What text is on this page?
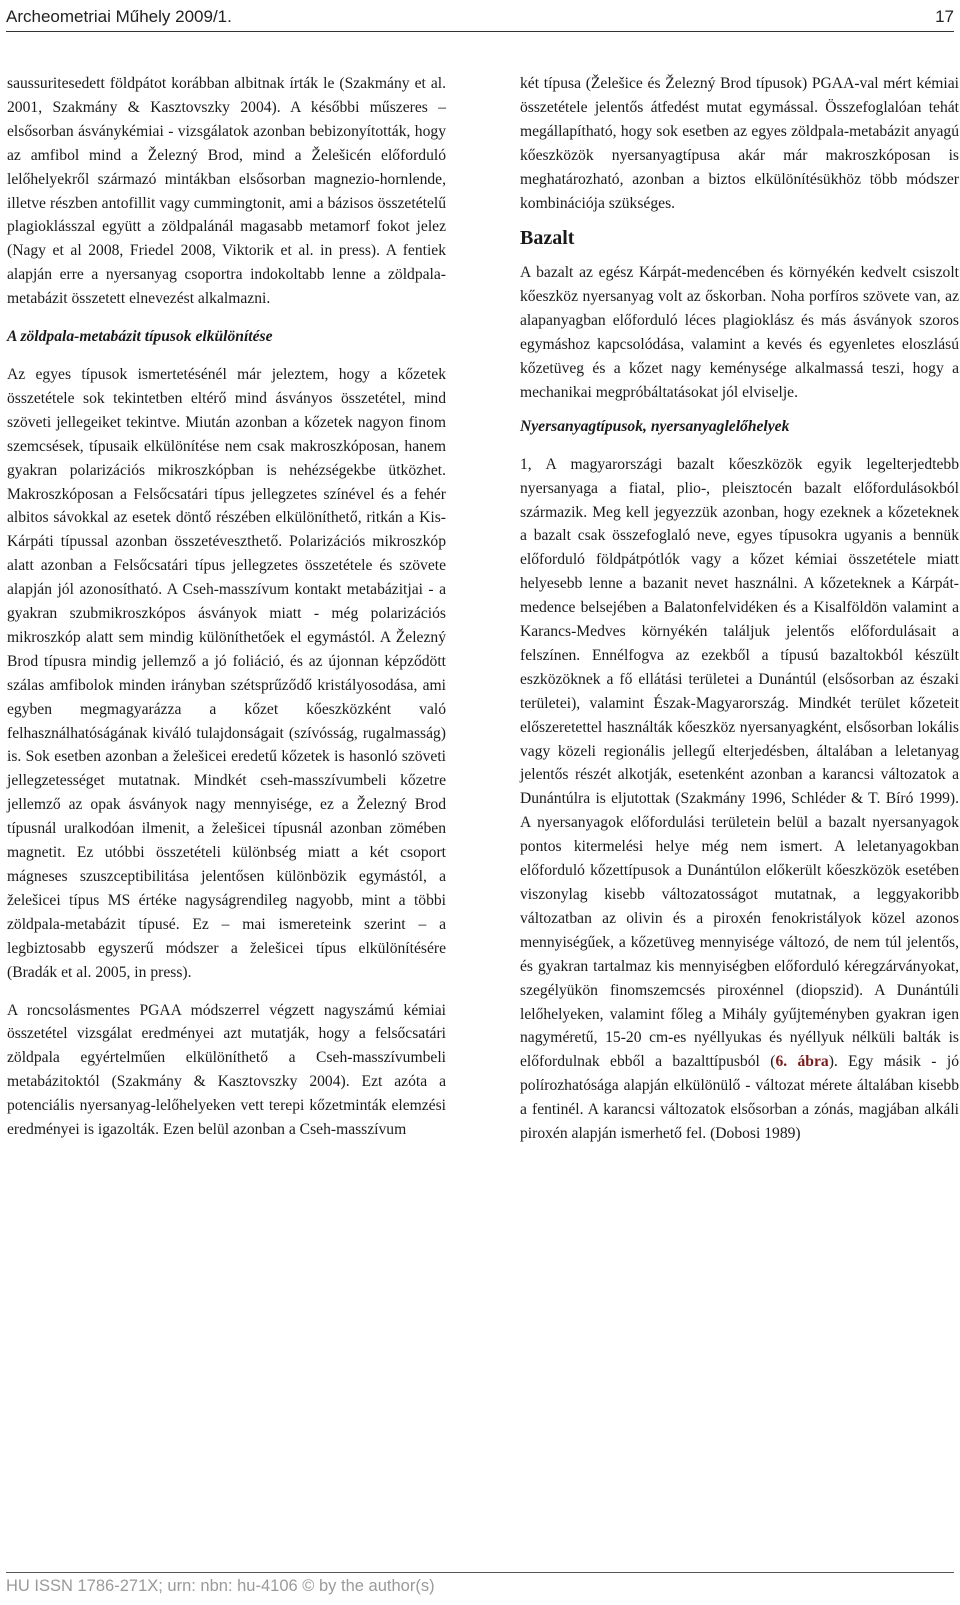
Archeometriai Műhely 2009/1.	17

saussuritesedett földpátot korábban albitnak írták le (Szakmány et al. 2001, Szakmány & Kasztovszky 2004). A későbbi műszeres – elsősorban ásványkémiai - vizsgálatok azonban bebizonyították, hogy az amfibol mind a Železný Brod, mind a Želešicén előforduló lelőhelyekről származó mintákban elsősorban magnezio-hornlende, illetve részben antofillit vagy cummingtonit, ami a bázisos összetételű plagioklásszal együtt a zöldpalánál magasabb metamorf fokot jelez (Nagy et al 2008, Friedel 2008, Viktorik et al. in press). A fentiek alapján erre a nyersanyag csoportra indokoltabb lenne a zöldpala-metabázit összetett elnevezést alkalmazni.

A zöldpala-metabázit típusok elkülönítése

Az egyes típusok ismertetésénél már jeleztem, hogy a kőzetek összetétele sok tekintetben eltérő mind ásványos összetétel, mind szöveti jellegeiket tekintve. Miután azonban a kőzetek nagyon finom szemcsések, típusaik elkülönítése nem csak makroszkóposan, hanem gyakran polarizációs mikroszkópban is nehézségekbe ütközhet. Makroszkóposan a Felsőcsatári típus jellegzetes színével és a fehér albitos sávokkal az esetek döntő részében elkülöníthető, ritkán a Kis-Kárpáti típussal azonban összetéveszthető. Polarizációs mikroszkóp alatt azonban a Felsőcsatári típus jellegzetes összetétele és szövete alapján jól azonosítható. A Cseh-masszívum kontakt metabázitjai - a gyakran szubmikroszkópos ásványok miatt - még polarizációs mikroszkóp alatt sem mindig különíthetőek el egymástól. A Železný Brod típusra mindig jellemző a jó foliáció, és az újonnan képződött szálas amfibolok minden irányban szétsprűződő kristályosodása, ami egyben megmagyarázza a kőzet kőeszközként való felhasználhatóságának kiváló tulajdonságait (szívósság, rugalmasság) is. Sok esetben azonban a želešicei eredetű kőzetek is hasonló szöveti jellegzetességet mutatnak. Mindkét cseh-masszívumbeli kőzetre jellemző az opak ásványok nagy mennyisége, ez a Železný Brod típusnál uralkodóan ilmenit, a želešicei típusnál azonban zömében magnetit. Ez utóbbi összetételi különbség miatt a két csoport mágneses szuszceptibilitása jelentősen különbözik egymástól, a želešicei típus MS értéke nagyságrendileg nagyobb, mint a többi zöldpala-metabázit típusé. Ez – mai ismereteink szerint – a legbiztosabb egyszerű módszer a želešicei típus elkülönítésére (Bradák et al. 2005, in press).

A roncsolásmentes PGAA módszerrel végzett nagyszámú kémiai összetétel vizsgálat eredményei azt mutatják, hogy a felsőcsatári zöldpala egyértelműen elkülöníthető a Cseh-masszívumbeli metabázitoktól (Szakmány & Kasztovszky 2004). Ezt azóta a potenciális nyersanyag-lelőhelyeken vett terepi kőzetminták elemzési eredményei is igazolták. Ezen belül azonban a Cseh-masszívum

két típusa (Želešice és Železný Brod típusok) PGAA-val mért kémiai összetétele jelentős átfedést mutat egymással. Összefoglalóan tehát megállapítható, hogy sok esetben az egyes zöldpala-metabázit anyagú kőeszközök nyersanyagtípusa akár már makroszkóposan is meghatározható, azonban a biztos elkülönítésükhöz több módszer kombinációja szükséges.

Bazalt

A bazalt az egész Kárpát-medencében és környékén kedvelt csiszolt kőeszköz nyersanyag volt az őskorban. Noha porfíros szövete van, az alapanyagban előforduló léces plagioklász és más ásványok szoros egymáshoz kapcsolódása, valamint a kevés és egyenletes eloszlású kőzetüveg és a kőzet nagy keménysége alkalmassá teszi, hogy a mechanikai megpróbáltatásokat jól elviselje.

Nyersanyagtípusok, nyersanyaglelőhelyek

1, A magyarországi bazalt kőeszközök egyik legelterjedtebb nyersanyaga a fiatal, plio-, pleisztocén bazalt előfordulásokból származik. Meg kell jegyezzük azonban, hogy ezeknek a kőzeteknek a bazalt csak összefoglaló neve, egyes típusokra ugyanis a bennük előforduló földpátpótlók vagy a kőzet kémiai összetétele miatt helyesebb lenne a bazanit nevet használni. A kőzeteknek a Kárpát-medence belsejében a Balatonfelvidéken és a Kisalföldön valamint a Karancs-Medves környékén találjuk jelentős előfordulásait a felszínen. Ennélfogva az ezekből a típusú bazaltokból készült eszközöknek a fő ellátási területei a Dunántúl (elsősorban az északi területei), valamint Észak-Magyarország. Mindkét terület kőzeteit előszeretettel használták kőeszköz nyersanyagként, elsősorban lokális vagy közeli regionális jellegű elterjedésben, általában a leletanyag jelentős részét alkotják, esetenként azonban a karancsi változatok a Dunántúlra is eljutottak (Szakmány 1996, Schléder & T. Bíró 1999). A nyersanyagok előfordulási területein belül a bazalt nyersanyagok pontos kitermelési helye még nem ismert. A leletanyagokban előforduló kőzettípusok a Dunántúlon előkerült kőeszközök esetében viszonylag kisebb változatosságot mutatnak, a leggyakoribb változatban az olivin és a piroxén fenokristályok közel azonos mennyiségűek, a kőzetüveg mennyisége változó, de nem túl jelentős, és gyakran tartalmaz kis mennyiségben előforduló kéregzárványokat, szegélyükön finomszemcsés piroxénnel (diopszid). A Dunántúli lelőhelyeken, valamint főleg a Mihály gyűjteményben gyakran igen nagyméretű, 15-20 cm-es nyéllyukas és nyéllyuk nélküli balták is előfordulnak ebből a bazalttípusból (6. ábra). Egy másik - jó polírozhatósága alapján elkülönülő - változat mérete általában kisebb a fentinél. A karancsi változatok elsősorban a zónás, magjában alkáli piroxén alapján ismerhető fel. (Dobosi 1989)

HU ISSN 1786-271X; urn: nbn: hu-4106 © by the author(s)
